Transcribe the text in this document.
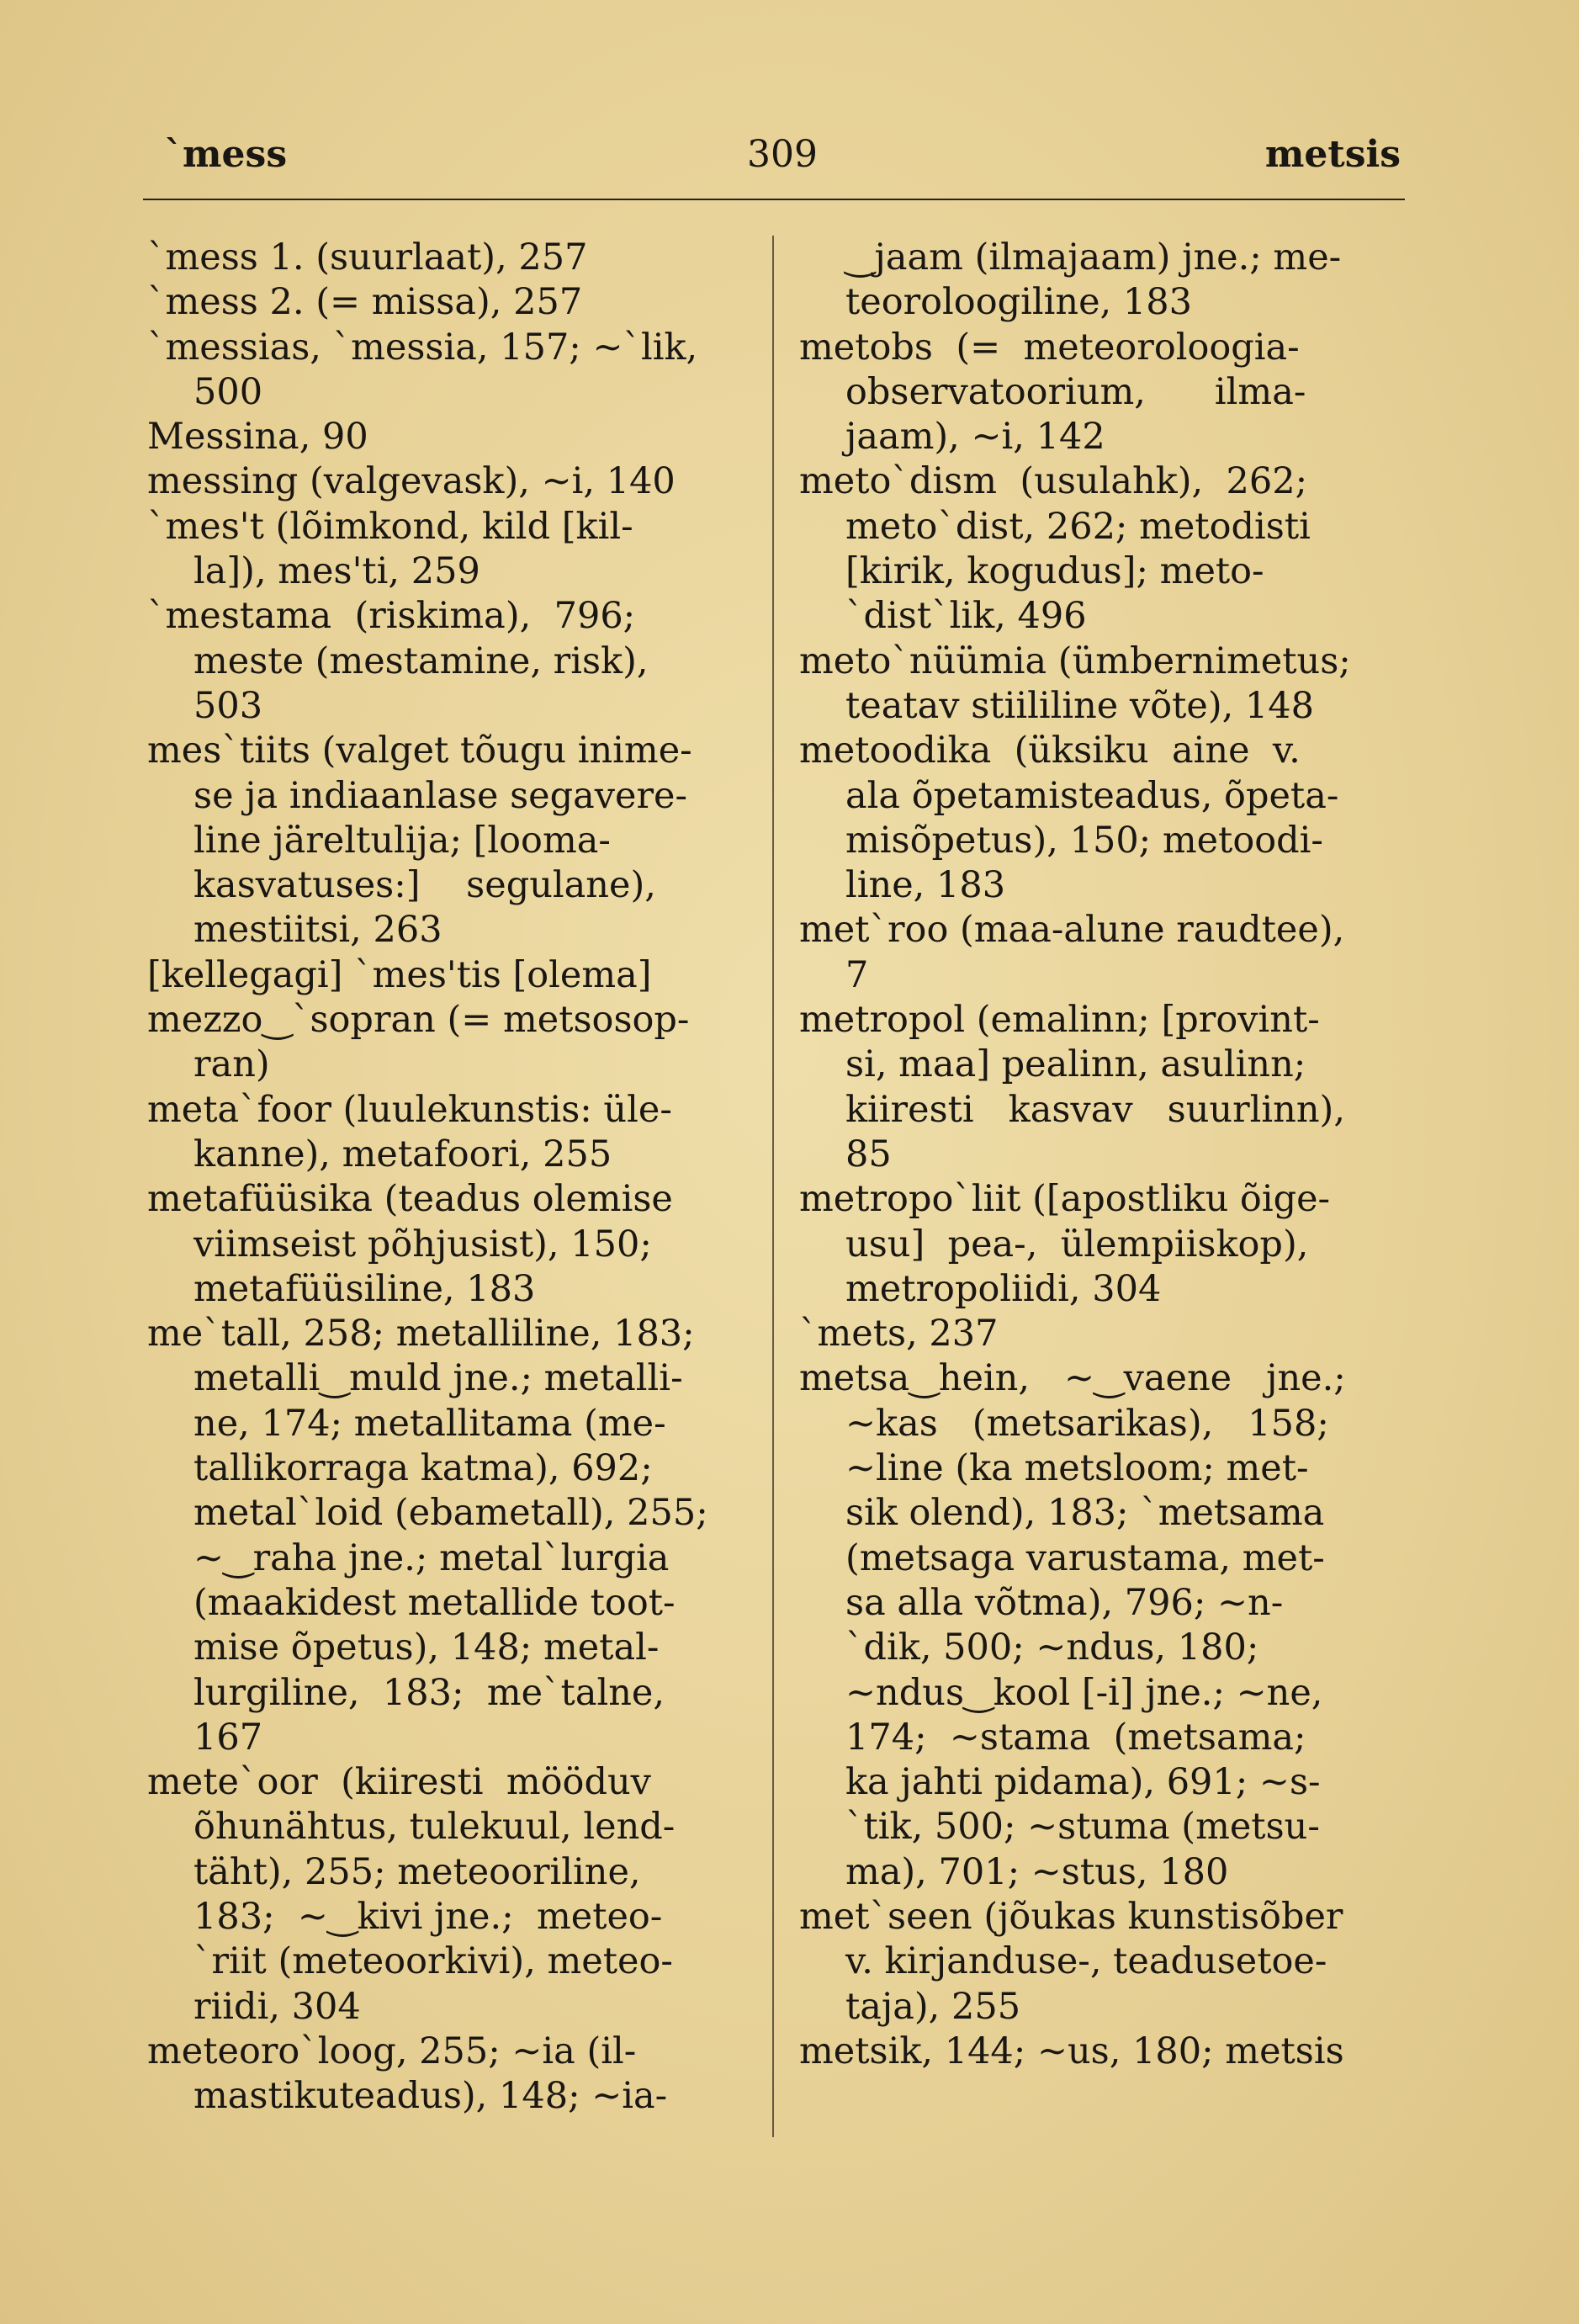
ˋmess	309	metsis
ˋmess 1. (suurlaat), 257
ˋmess 2. (= missa), 257
ˋmessias, ˋmessia, 157; ~ˋlik,
500
Messina, 90
messing (valgevask), ~i, 140
ˋmes't (lõimkond, kild [kil-
la]), mes'ti, 259
ˋmestama  (riskima),  796;
meste (mestamine, risk),
503
mesˋtiits (valget tõugu inime-
se ja indiaanlase segavere-
line järeltulija; [looma-
kasvatuses:]    segulane),
mestiitsi, 263
[kellegagi] ˋmes'tis [olema]
mezzo‿ˋsopran (= metsosop-
ran)
metaˋfoor (luulekunstis: üle-
kanne), metafoori, 255
metafüüsika (teadus olemise
viimseist põhjusist), 150;
metafüüsiline, 183
meˋtall, 258; metalliline, 183;
metalli‿muld jne.; metalli-
ne, 174; metallitama (me-
tallikorraga katma), 692;
metalˋloid (ebametall), 255;
~‿raha jne.; metalˋlurgia
(maakidest metallide toot-
mise õpetus), 148; metal-
lurgiline,  183;  meˋtalne,
167
meteˋoor  (kiiresti  mööduv
õhunähtus, tulekuul, lend-
täht), 255; meteooriline,
183;  ~‿kivi jne.;  meteo-
ˋriit (meteoorkivi), meteo-
riidi, 304
meteoroˋloog, 255; ~ia (il-
mastikuteadus), 148; ~ia-
‿jaam (ilmajaam) jne.; me-
teoroloogiline, 183
metobs  (=  meteoroloogia-
observatoorium,      ilma-
jaam), ~i, 142
metoˋdism  (usulahk),  262;
metoˋdist, 262; metodisti
[kirik, kogudus]; meto-
ˋdistˋlik, 496
metoˋnüümia (ümbernimetus;
teatav stiililine võte), 148
metoodika  (üksiku  aine  v.
ala õpetamisteadus, õpeta-
misõpetus), 150; metoodi-
line, 183
metˋroo (maa-alune raudtee),
7
metropol (emalinn; [provint-
si, maa] pealinn, asulinn;
kiiresti   kasvav   suurlinn),
85
metropoˋliit ([apostliku õige-
usu]  pea-,  ülempiiskop),
metropoliidi, 304
ˋmets, 237
metsa‿hein,   ~‿vaene   jne.;
~kas   (metsarikas),   158;
~line (ka metsloom; met-
sik olend), 183; ˋmetsama
(metsaga varustama, met-
sa alla võtma), 796; ~n-
ˋdik, 500; ~ndus, 180;
~ndus‿kool [-i] jne.; ~ne,
174;  ~stama  (metsama;
ka jahti pidama), 691; ~s-
ˋtik, 500; ~stuma (metsu-
ma), 701; ~stus, 180
metˋseen (jõukas kunstisõber
v. kirjanduse-, teadusetoe-
taja), 255
metsik, 144; ~us, 180; metsis
